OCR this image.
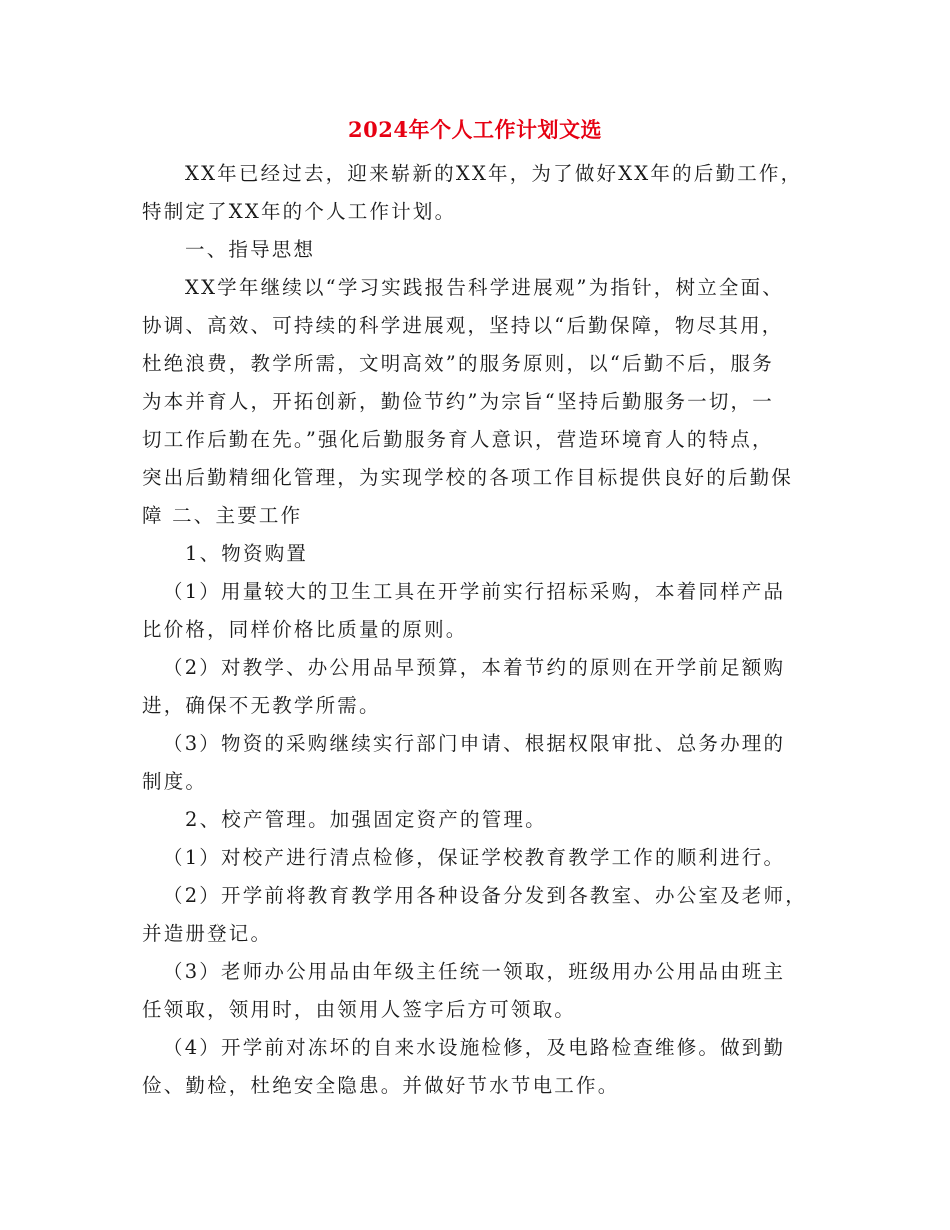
2024年个人工作计划文选
XX年已经过去，迎来崭新的XX年，为了做好XX年的后勤工作，
特制定了XX年的个人工作计划。
一、指导思想
XX学年继续以“学习实践报告科学进展观”为指针，树立全面、
协调、高效、可持续的科学进展观，坚持以“后勤保障，物尽其用，
杜绝浪费，教学所需，文明高效”的服务原则，以“后勤不后，服务
为本并育人，开拓创新，勤俭节约”为宗旨“坚持后勤服务一切，一
切工作后勤在先。”强化后勤服务育人意识，营造环境育人的特点，
突出后勤精细化管理，为实现学校的各项工作目标提供良好的后勤保
障 二、主要工作
1、物资购置
（1）用量较大的卫生工具在开学前实行招标采购，本着同样产品
比价格，同样价格比质量的原则。
（2）对教学、办公用品早预算，本着节约的原则在开学前足额购
进，确保不无教学所需。
（3）物资的采购继续实行部门申请、根据权限审批、总务办理的
制度。
2、校产管理。加强固定资产的管理。
（1）对校产进行清点检修，保证学校教育教学工作的顺利进行。
（2）开学前将教育教学用各种设备分发到各教室、办公室及老师，
并造册登记。
（3）老师办公用品由年级主任统一领取，班级用办公用品由班主
任领取，领用时，由领用人签字后方可领取。
（4）开学前对冻坏的自来水设施检修，及电路检查维修。做到勤
俭、勤检，杜绝安全隐患。并做好节水节电工作。
